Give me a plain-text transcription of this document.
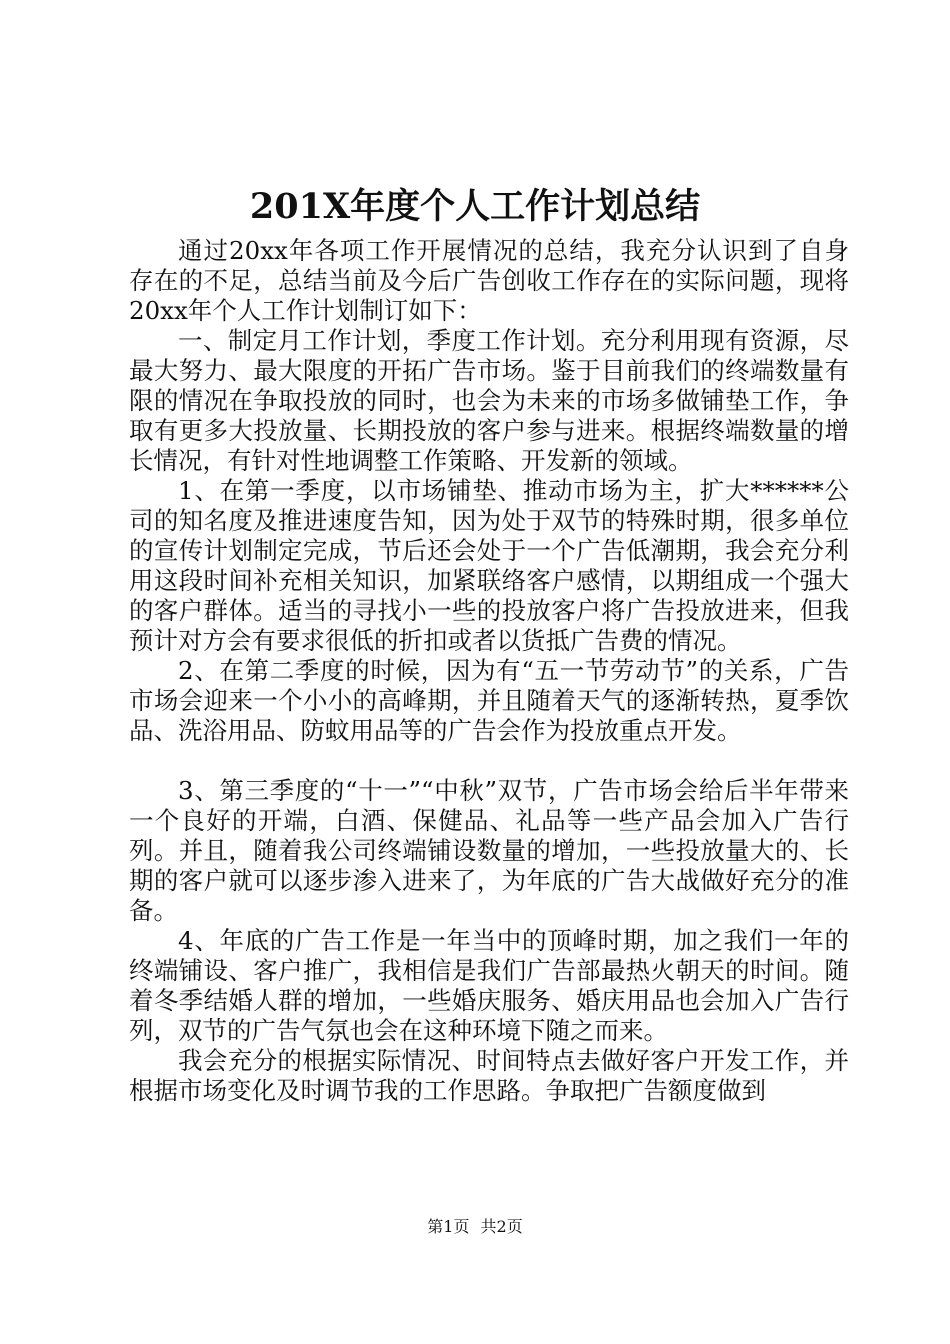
201X年度个人工作计划总结

通过20xx年各项工作开展情况的总结，我充分认识到了自身存在的不足，总结当前及今后广告创收工作存在的实际问题，现将20xx年个人工作计划制订如下：

一、制定月工作计划，季度工作计划。充分利用现有资源，尽最大努力、最大限度的开拓广告市场。鉴于目前我们的终端数量有限的情况在争取投放的同时，也会为未来的市场多做铺垫工作，争取有更多大投放量、长期投放的客户参与进来。根据终端数量的增长情况，有针对性地调整工作策略、开发新的领域。

1、在第一季度，以市场铺垫、推动市场为主，扩大******公司的知名度及推进速度告知，因为处于双节的特殊时期，很多单位的宣传计划制定完成，节后还会处于一个广告低潮期，我会充分利用这段时间补充相关知识，加紧联络客户感情，以期组成一个强大的客户群体。适当的寻找小一些的投放客户将广告投放进来，但我预计对方会有要求很低的折扣或者以货抵广告费的情况。

2、在第二季度的时候，因为有“五一节劳动节”的关系，广告市场会迎来一个小小的高峰期，并且随着天气的逐渐转热，夏季饮品、洗浴用品、防蚊用品等的广告会作为投放重点开发。

3、第三季度的“十一”“中秋”双节，广告市场会给后半年带来一个良好的开端，白酒、保健品、礼品等一些产品会加入广告行列。并且，随着我公司终端铺设数量的增加，一些投放量大的、长期的客户就可以逐步渗入进来了，为年底的广告大战做好充分的准备。

4、年底的广告工作是一年当中的顶峰时期，加之我们一年的终端铺设、客户推广，我相信是我们广告部最热火朝天的时间。随着冬季结婚人群的增加，一些婚庆服务、婚庆用品也会加入广告行列，双节的广告气氛也会在这种环境下随之而来。

我会充分的根据实际情况、时间特点去做好客户开发工作，并根据市场变化及时调节我的工作思路。争取把广告额度做到

第1页 共2页
